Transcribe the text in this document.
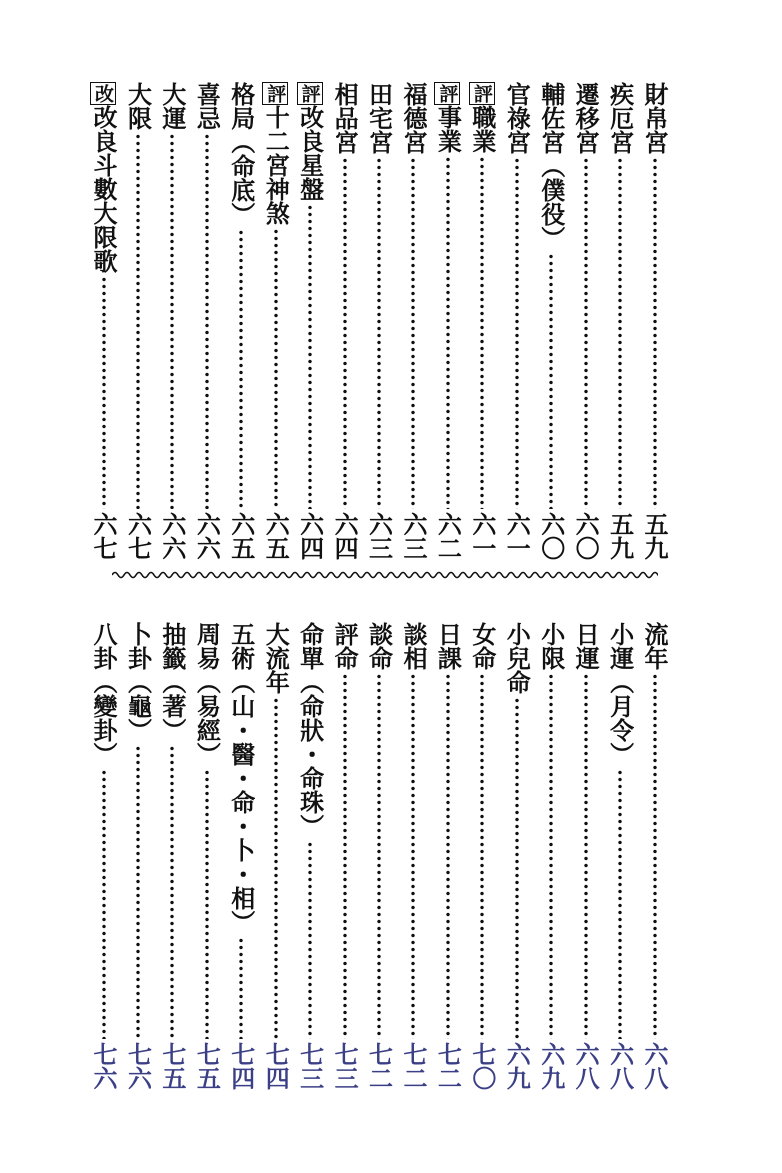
財帛宮
五九
疾厄宮
五九
遷移宮
六〇
輔佐宮（僕役）
六〇
官祿宮
六一
評職業
六一
評事業
六二
福德宮
六三
田宅宮
六三
相品宮
六四
評改良星盤
六四
評十二宮神煞
六五
格局（命底）
六五
喜忌
六六
大運
六六
大限
六七
改改良斗數大限歌
六七
流年
六八
小運（月令）
六八
日運
六八
小限
六九
小兒命
六九
女命
七〇
日課
七二
談相
七二
談命
七二
評命
七三
命單（命狀・命珠）
七三
大流年
七四
五術（山・醫・命・卜・相）
七四
周易（易經）
七五
抽籤（著）
七五
卜卦（龜）
七六
八卦（變卦）
七六
